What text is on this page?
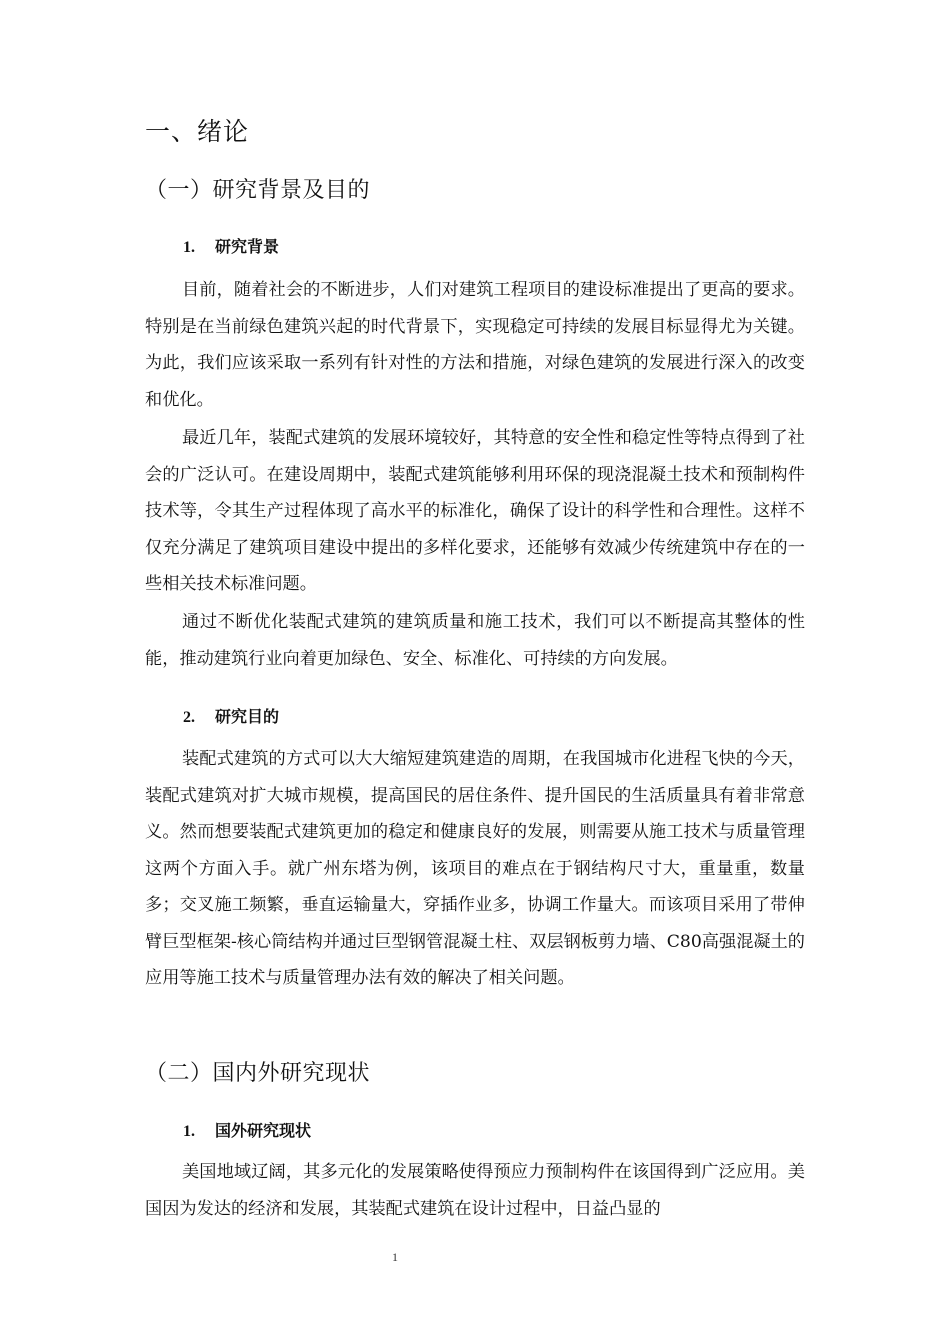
一、绪论
（一）研究背景及目的
1. 研究背景

目前，随着社会的不断进步，人们对建筑工程项目的建设标准提出了更高的要求。特别是在当前绿色建筑兴起的时代背景下，实现稳定可持续的发展目标显得尤为关键。为此，我们应该采取一系列有针对性的方法和措施，对绿色建筑的发展进行深入的改变和优化。

最近几年，装配式建筑的发展环境较好，其特意的安全性和稳定性等特点得到了社会的广泛认可。在建设周期中，装配式建筑能够利用环保的现浇混凝土技术和预制构件技术等，令其生产过程体现了高水平的标准化，确保了设计的科学性和合理性。这样不仅充分满足了建筑项目建设中提出的多样化要求，还能够有效减少传统建筑中存在的一些相关技术标准问题。

通过不断优化装配式建筑的建筑质量和施工技术，我们可以不断提高其整体的性能，推动建筑行业向着更加绿色、安全、标准化、可持续的方向发展。

2. 研究目的

装配式建筑的方式可以大大缩短建筑建造的周期，在我国城市化进程飞快的今天，装配式建筑对扩大城市规模，提高国民的居住条件、提升国民的生活质量具有着非常意义。然而想要装配式建筑更加的稳定和健康良好的发展，则需要从施工技术与质量管理这两个方面入手。就广州东塔为例，该项目的难点在于钢结构尺寸大，重量重，数量多；交叉施工频繁，垂直运输量大，穿插作业多，协调工作量大。而该项目采用了带伸臂巨型框架-核心筒结构并通过巨型钢管混凝土柱、双层钢板剪力墙、C80高强混凝土的应用等施工技术与质量管理办法有效的解决了相关问题。

（二）国内外研究现状
1. 国外研究现状

美国地域辽阔，其多元化的发展策略使得预应力预制构件在该国得到广泛应用。美国因为发达的经济和发展，其装配式建筑在设计过程中，日益凸显的

1
